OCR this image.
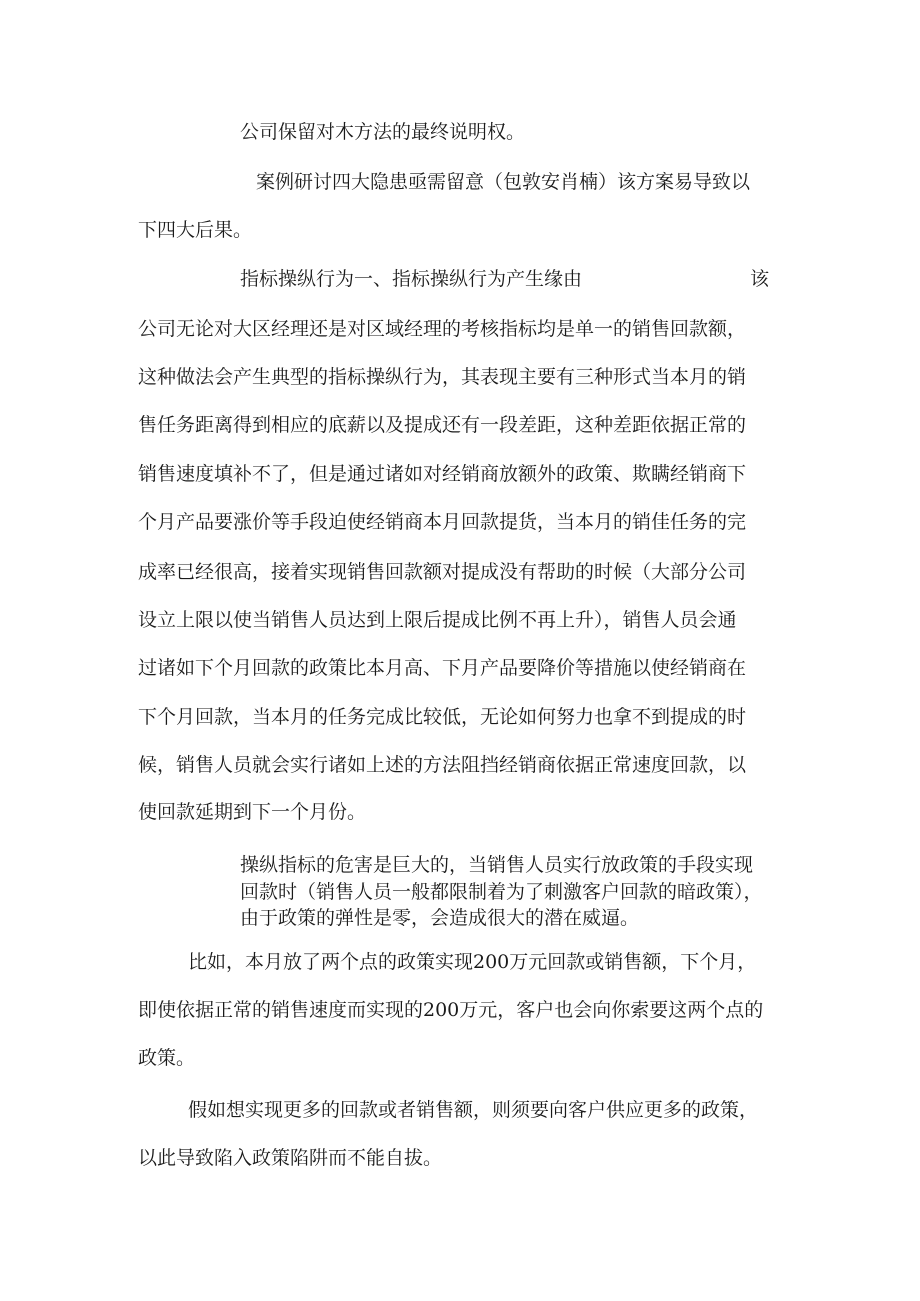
公司保留对木方法的最终说明权。
案例研讨四大隐患亟需留意（包敦安肖楠）该方案易导致以
下四大后果。
指标操纵行为一、指标操纵行为产生缘由	该
公司无论对大区经理还是对区域经理的考核指标均是单一的销售回款额，
这种做法会产生典型的指标操纵行为，其表现主要有三种形式当本月的销
售任务距离得到相应的底薪以及提成还有一段差距，这种差距依据正常的
销售速度填补不了，但是通过诸如对经销商放额外的政策、欺瞒经销商下
个月产品要涨价等手段迫使经销商本月回款提货，当本月的销佳任务的完
成率已经很高，接着实现销售回款额对提成没有帮助的时候（大部分公司
设立上限以使当销售人员达到上限后提成比例不再上升），销售人员会通
过诸如下个月回款的政策比本月高、下月产品要降价等措施以使经销商在
下个月回款，当本月的任务完成比较低，无论如何努力也拿不到提成的时
候，销售人员就会实行诸如上述的方法阻挡经销商依据正常速度回款，以
使回款延期到下一个月份。
操纵指标的危害是巨大的，当销售人员实行放政策的手段实现
回款时（销售人员一般都限制着为了刺激客户回款的暗政策），
由于政策的弹性是零，会造成很大的潜在威逼。
比如，本月放了两个点的政策实现200万元回款或销售额，下个月，
即使依据正常的销售速度而实现的200万元，客户也会向你索要这两个点的
政策。
假如想实现更多的回款或者销售额，则须要向客户供应更多的政策，
以此导致陷入政策陷阱而不能自拔。
